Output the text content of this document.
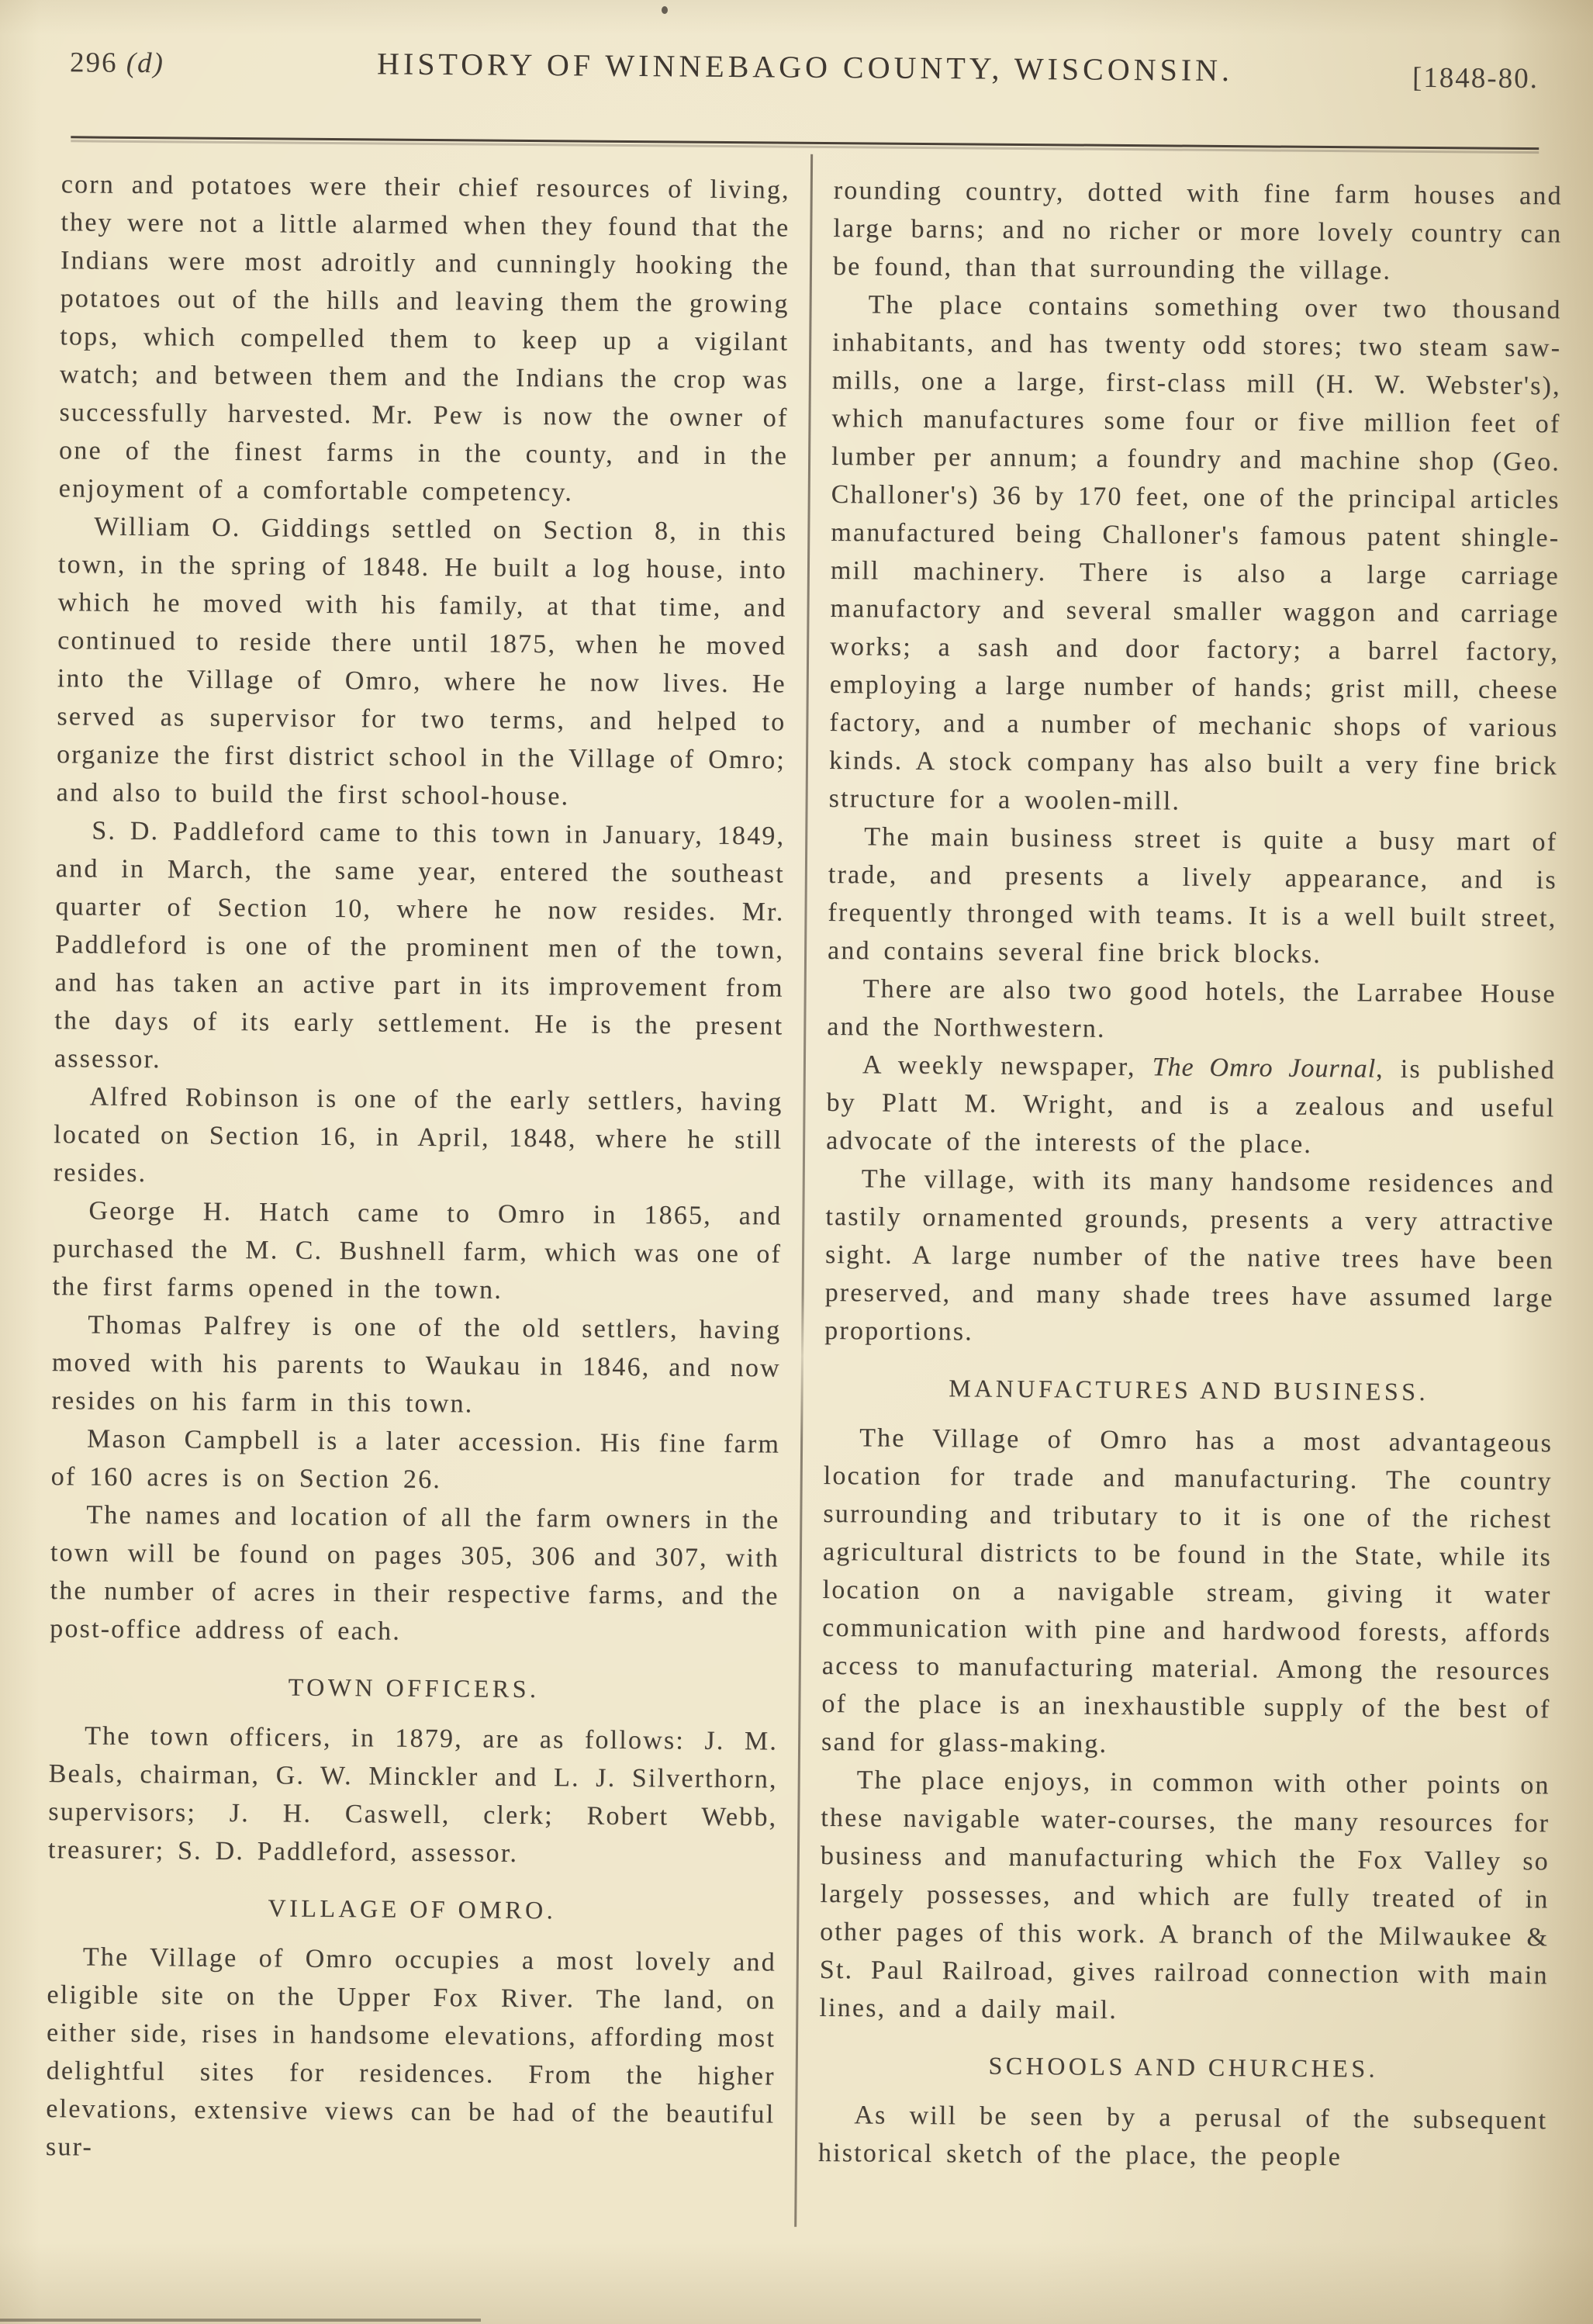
296 (d)	HISTORY OF WINNEBAGO COUNTY, WISCONSIN.	[1848-80.

corn and potatoes were their chief resources of living, they were not a little alarmed when they found that the Indians were most adroitly and cunningly hooking the potatoes out of the hills and leaving them the growing tops, which compelled them to keep up a vigilant watch; and between them and the Indians the crop was successfully harvested. Mr. Pew is now the owner of one of the finest farms in the county, and in the enjoyment of a comfortable competency.

William O. Giddings settled on Section 8, in this town, in the spring of 1848. He built a log house, into which he moved with his family, at that time, and continued to reside there until 1875, when he moved into the Village of Omro, where he now lives. He served as supervisor for two terms, and helped to organize the first district school in the Village of Omro; and also to build the first school-house.

S. D. Paddleford came to this town in January, 1849, and in March, the same year, entered the southeast quarter of Section 10, where he now resides. Mr. Paddleford is one of the prominent men of the town, and has taken an active part in its improvement from the days of its early settlement. He is the present assessor.

Alfred Robinson is one of the early settlers, having located on Section 16, in April, 1848, where he still resides.

George H. Hatch came to Omro in 1865, and purchased the M. C. Bushnell farm, which was one of the first farms opened in the town.

Thomas Palfrey is one of the old settlers, having moved with his parents to Waukau in 1846, and now resides on his farm in this town.

Mason Campbell is a later accession. His fine farm of 160 acres is on Section 26.

The names and location of all the farm owners in the town will be found on pages 305, 306 and 307, with the number of acres in their respective farms, and the post-office address of each.

TOWN OFFICERS.

The town officers, in 1879, are as follows: J. M. Beals, chairman, G. W. Minckler and L. J. Silverthorn, supervisors; J. H. Caswell, clerk; Robert Webb, treasurer; S. D. Paddleford, assessor.

VILLAGE OF OMRO.

The Village of Omro occupies a most lovely and eligible site on the Upper Fox River. The land, on either side, rises in handsome elevations, affording most delightful sites for residences. From the higher elevations, extensive views can be had of the beautiful sur-

rounding country, dotted with fine farm houses and large barns; and no richer or more lovely country can be found, than that surrounding the village.

The place contains something over two thousand inhabitants, and has twenty odd stores; two steam saw-mills, one a large, first-class mill (H. W. Webster's), which manufactures some four or five million feet of lumber per annum; a foundry and machine shop (Geo. Challoner's) 36 by 170 feet, one of the principal articles manufactured being Challoner's famous patent shingle-mill machinery. There is also a large carriage manufactory and several smaller waggon and carriage works; a sash and door factory; a barrel factory, employing a large number of hands; grist mill, cheese factory, and a number of mechanic shops of various kinds. A stock company has also built a very fine brick structure for a woolen-mill.

The main business street is quite a busy mart of trade, and presents a lively appearance, and is frequently thronged with teams. It is a well built street, and contains several fine brick blocks.

There are also two good hotels, the Larrabee House and the Northwestern.

A weekly newspaper, The Omro Journal, is published by Platt M. Wright, and is a zealous and useful advocate of the interests of the place.

The village, with its many handsome residences and tastily ornamented grounds, presents a very attractive sight. A large number of the native trees have been preserved, and many shade trees have assumed large proportions.

MANUFACTURES AND BUSINESS.

The Village of Omro has a most advantageous location for trade and manufacturing. The country surrounding and tributary to it is one of the richest agricultural districts to be found in the State, while its location on a navigable stream, giving it water communication with pine and hardwood forests, affords access to manufacturing material. Among the resources of the place is an inexhaustible supply of the best of sand for glass-making.

The place enjoys, in common with other points on these navigable water-courses, the many resources for business and manufacturing which the Fox Valley so largely possesses, and which are fully treated of in other pages of this work. A branch of the Milwaukee & St. Paul Railroad, gives railroad connection with main lines, and a daily mail.

SCHOOLS AND CHURCHES.

As will be seen by a perusal of the subsequent historical sketch of the place, the people
